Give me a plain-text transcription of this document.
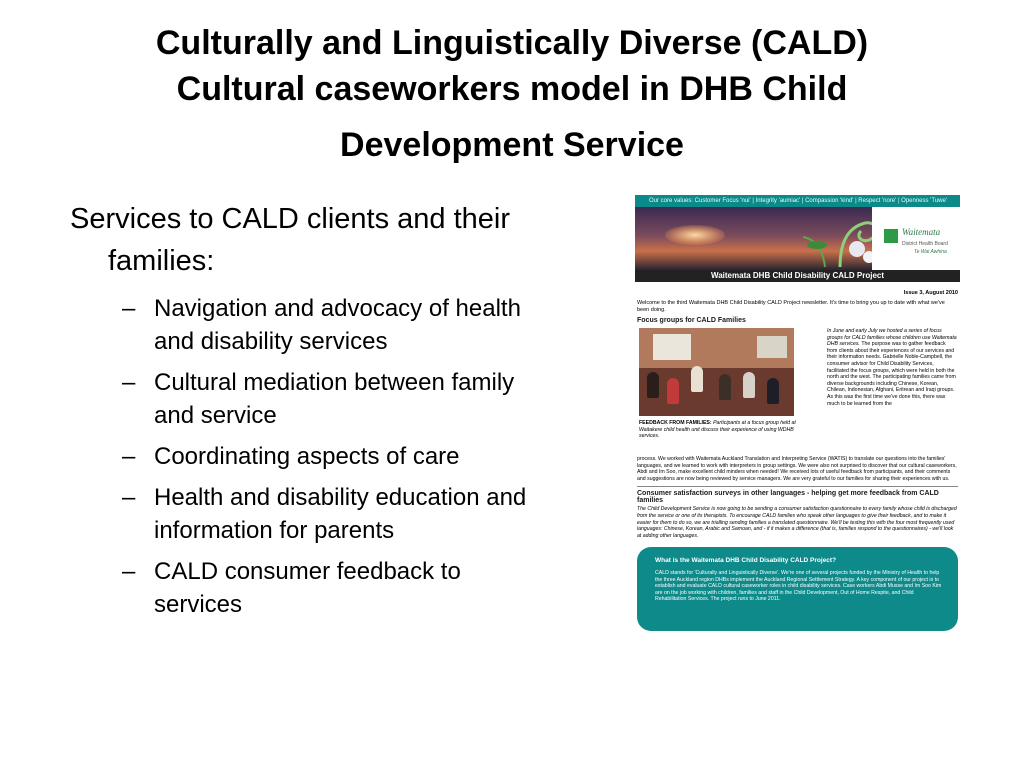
Culturally and Linguistically Diverse (CALD)
Cultural caseworkers model in DHB Child
Development Service

Services to CALD clients and their families:

– Navigation and advocacy of health and disability services
– Cultural mediation between family and service
– Coordinating aspects of care
– Health and disability education and information for parents
– CALD consumer feedback to services
Our core values: Customer Focus 'nui' | Integrity 'aumiac' | Compassion 'kind' | Respect 'nore' | Openness 'Tuwe'
Waitemata
District Health Board
Te Wai Awhina
Waitemata DHB Child Disability CALD Project
Issue 3, August 2010
Welcome to the third Waitemata DHB Child Disability CALD Project newsletter. It's time to bring you up to date with what we've been doing.
Focus groups for CALD Families
FEEDBACK FROM FAMILIES: Participants at a focus group held at Waitakere child health unit discuss their experience of using WDHB services.
In June and early July we hosted a series of focus groups for CALD families whose children use Waitemata DHB services. The purpose was to gather feedback from clients about their experiences of our services and their information needs. Gabrielle Noble-Campbell, the consumer advisor for Child Disability Services, facilitated the focus groups, which were held in both the north and the west. The participating families came from diverse backgrounds including Chinese, Korean, Chilean, Indonesian, Afghani, Eritrean and Iraqi groups. As this was the first time we've done this, there was much to be learned from the
process. We worked with Waitemata Auckland Translation and Interpreting Service (WATIS) to translate our questions into the families' languages, and we learned to work with interpreters in group settings. We were also not surprised to discover that our cultural caseworkers, Abdi and Im Soo, make excellent child minders when needed! We received lots of useful feedback from participants, and their comments and suggestions are now being reviewed by service managers. We are very grateful to our families for sharing their experiences with us.
Consumer satisfaction surveys in other languages - helping get more feedback from CALD families
The Child Development Service is now going to be sending a consumer satisfaction questionnaire to every family whose child is discharged from the service or one of its therapists. To encourage CALD families who speak other languages to give their feedback, and to make it easier for them to do so, we are trialling sending families a translated questionnaire. We'll be testing this with the four most frequently used languages: Chinese, Korean, Arabic and Samoan, and - if it makes a difference (that is, families respond to the questionnaires) - we'll look at adding other languages.
What is the Waitemata DHB Child Disability CALD Project?
CALD stands for 'Culturally and Linguistically Diverse'. We're one of several projects funded by the Ministry of Health to help the three Auckland region DHBs implement the Auckland Regional Settlement Strategy. A key component of our project is to establish and evaluate CALD cultural caseworker roles in child disability services. Case workers Abdi Musse and Im Soo Kim are on the job working with children, families and staff in the Child Development, Out of Home Respite, and Child Rehabilitation Services. The project runs to June 2011.
